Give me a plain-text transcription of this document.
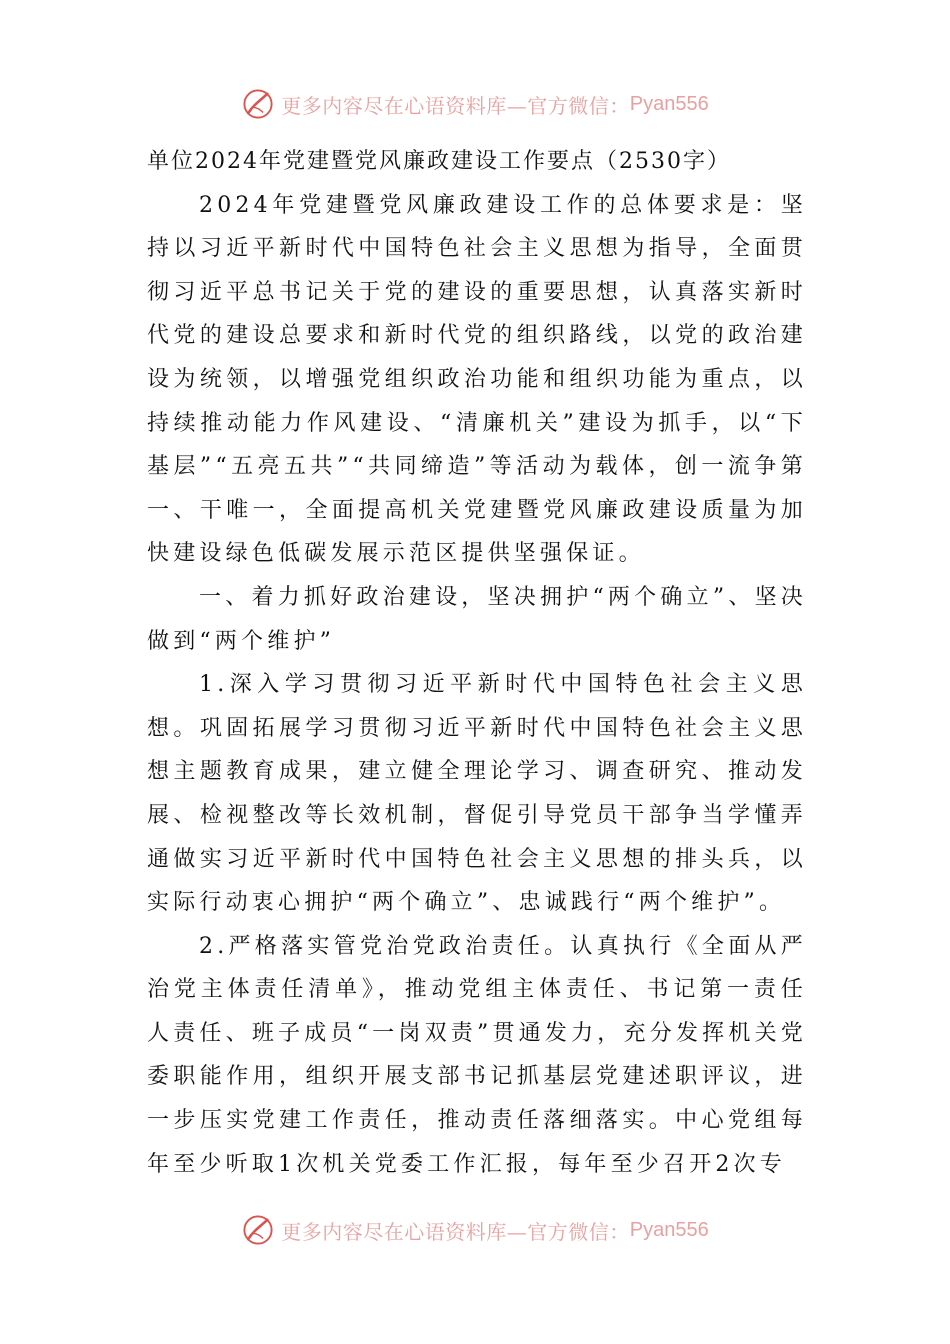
更多内容尽在心语资料库—官方微信： Pyan556

单位2024年党建暨党风廉政建设工作要点（2530字）

2024年党建暨党风廉政建设工作的总体要求是：坚持以习近平新时代中国特色社会主义思想为指导，全面贯彻习近平总书记关于党的建设的重要思想，认真落实新时代党的建设总要求和新时代党的组织路线，以党的政治建设为统领，以增强党组织政治功能和组织功能为重点，以持续推动能力作风建设、“清廉机关”建设为抓手，以“下基层”“五亮五共”“共同缔造”等活动为载体，创一流争第一、干唯一，全面提高机关党建暨党风廉政建设质量为加快建设绿色低碳发展示范区提供坚强保证。

一、着力抓好政治建设，坚决拥护“两个确立”、坚决做到“两个维护”

1.深入学习贯彻习近平新时代中国特色社会主义思想。巩固拓展学习贯彻习近平新时代中国特色社会主义思想主题教育成果，建立健全理论学习、调查研究、推动发展、检视整改等长效机制，督促引导党员干部争当学懂弄通做实习近平新时代中国特色社会主义思想的排头兵，以实际行动衷心拥护“两个确立”、忠诚践行“两个维护”。

2.严格落实管党治党政治责任。认真执行《全面从严治党主体责任清单》，推动党组主体责任、书记第一责任人责任、班子成员“一岗双责”贯通发力，充分发挥机关党委职能作用，组织开展支部书记抓基层党建述职评议，进一步压实党建工作责任，推动责任落细落实。中心党组每年至少听取1次机关党委工作汇报，每年至少召开2次专

更多内容尽在心语资料库—官方微信： Pyan556
